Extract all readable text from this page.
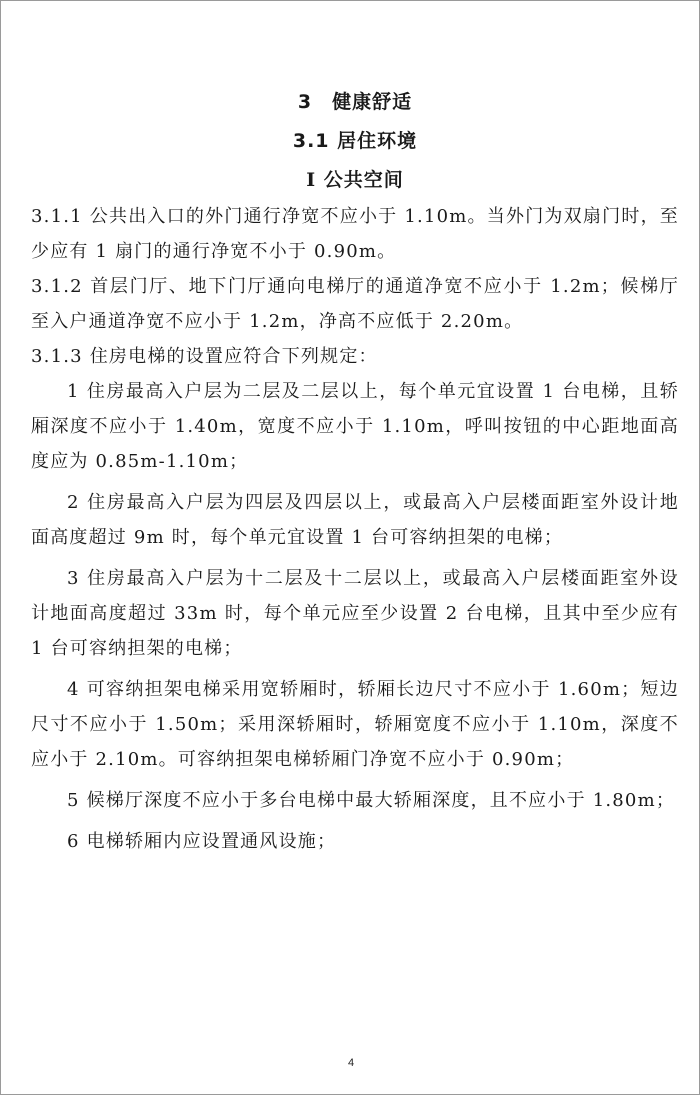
3　健康舒适
3.1 居住环境
Ⅰ 公共空间

3.1.1 公共出入口的外门通行净宽不应小于 1.10m。当外门为双扇门时，至少应有 1 扇门的通行净宽不小于 0.90m。

3.1.2 首层门厅、地下门厅通向电梯厅的通道净宽不应小于 1.2m；候梯厅至入户通道净宽不应小于 1.2m，净高不应低于 2.20m。

3.1.3 住房电梯的设置应符合下列规定：

1 住房最高入户层为二层及二层以上，每个单元宜设置 1 台电梯，且轿厢深度不应小于 1.40m，宽度不应小于 1.10m，呼叫按钮的中心距地面高度应为 0.85m-1.10m；

2 住房最高入户层为四层及四层以上，或最高入户层楼面距室外设计地面高度超过 9m 时，每个单元宜设置 1 台可容纳担架的电梯；

3 住房最高入户层为十二层及十二层以上，或最高入户层楼面距室外设计地面高度超过 33m 时，每个单元应至少设置 2 台电梯，且其中至少应有 1 台可容纳担架的电梯；

4 可容纳担架电梯采用宽轿厢时，轿厢长边尺寸不应小于 1.60m；短边尺寸不应小于 1.50m；采用深轿厢时，轿厢宽度不应小于 1.10m，深度不应小于 2.10m。可容纳担架电梯轿厢门净宽不应小于 0.90m；

5 候梯厅深度不应小于多台电梯中最大轿厢深度，且不应小于 1.80m；

6 电梯轿厢内应设置通风设施；

4
